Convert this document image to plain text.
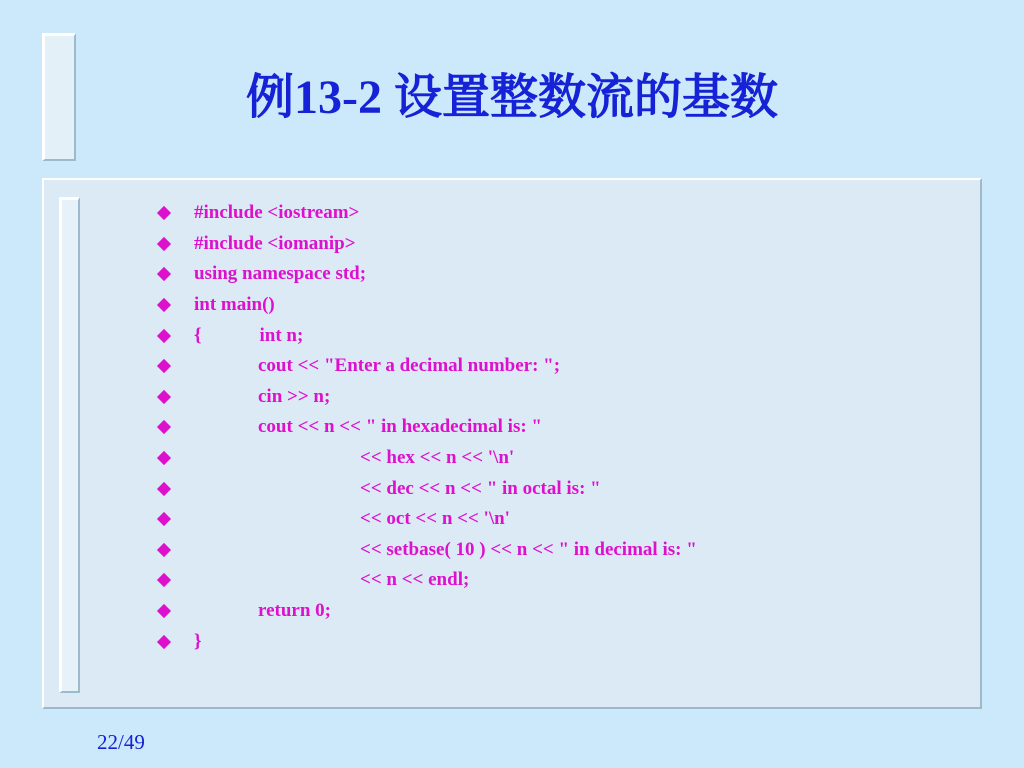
例13-2 设置整数流的基数
#include <iostream>
#include <iomanip>
using namespace std;
int main()
{	int n;
cout << "Enter a decimal number: ";
cin >> n;
cout << n << " in hexadecimal is: "
<< hex << n << '\n'
<< dec << n << " in octal is: "
<< oct << n << '\n'
<< setbase( 10 ) << n << " in decimal is: "
<< n << endl;
return 0;
}
22/49
